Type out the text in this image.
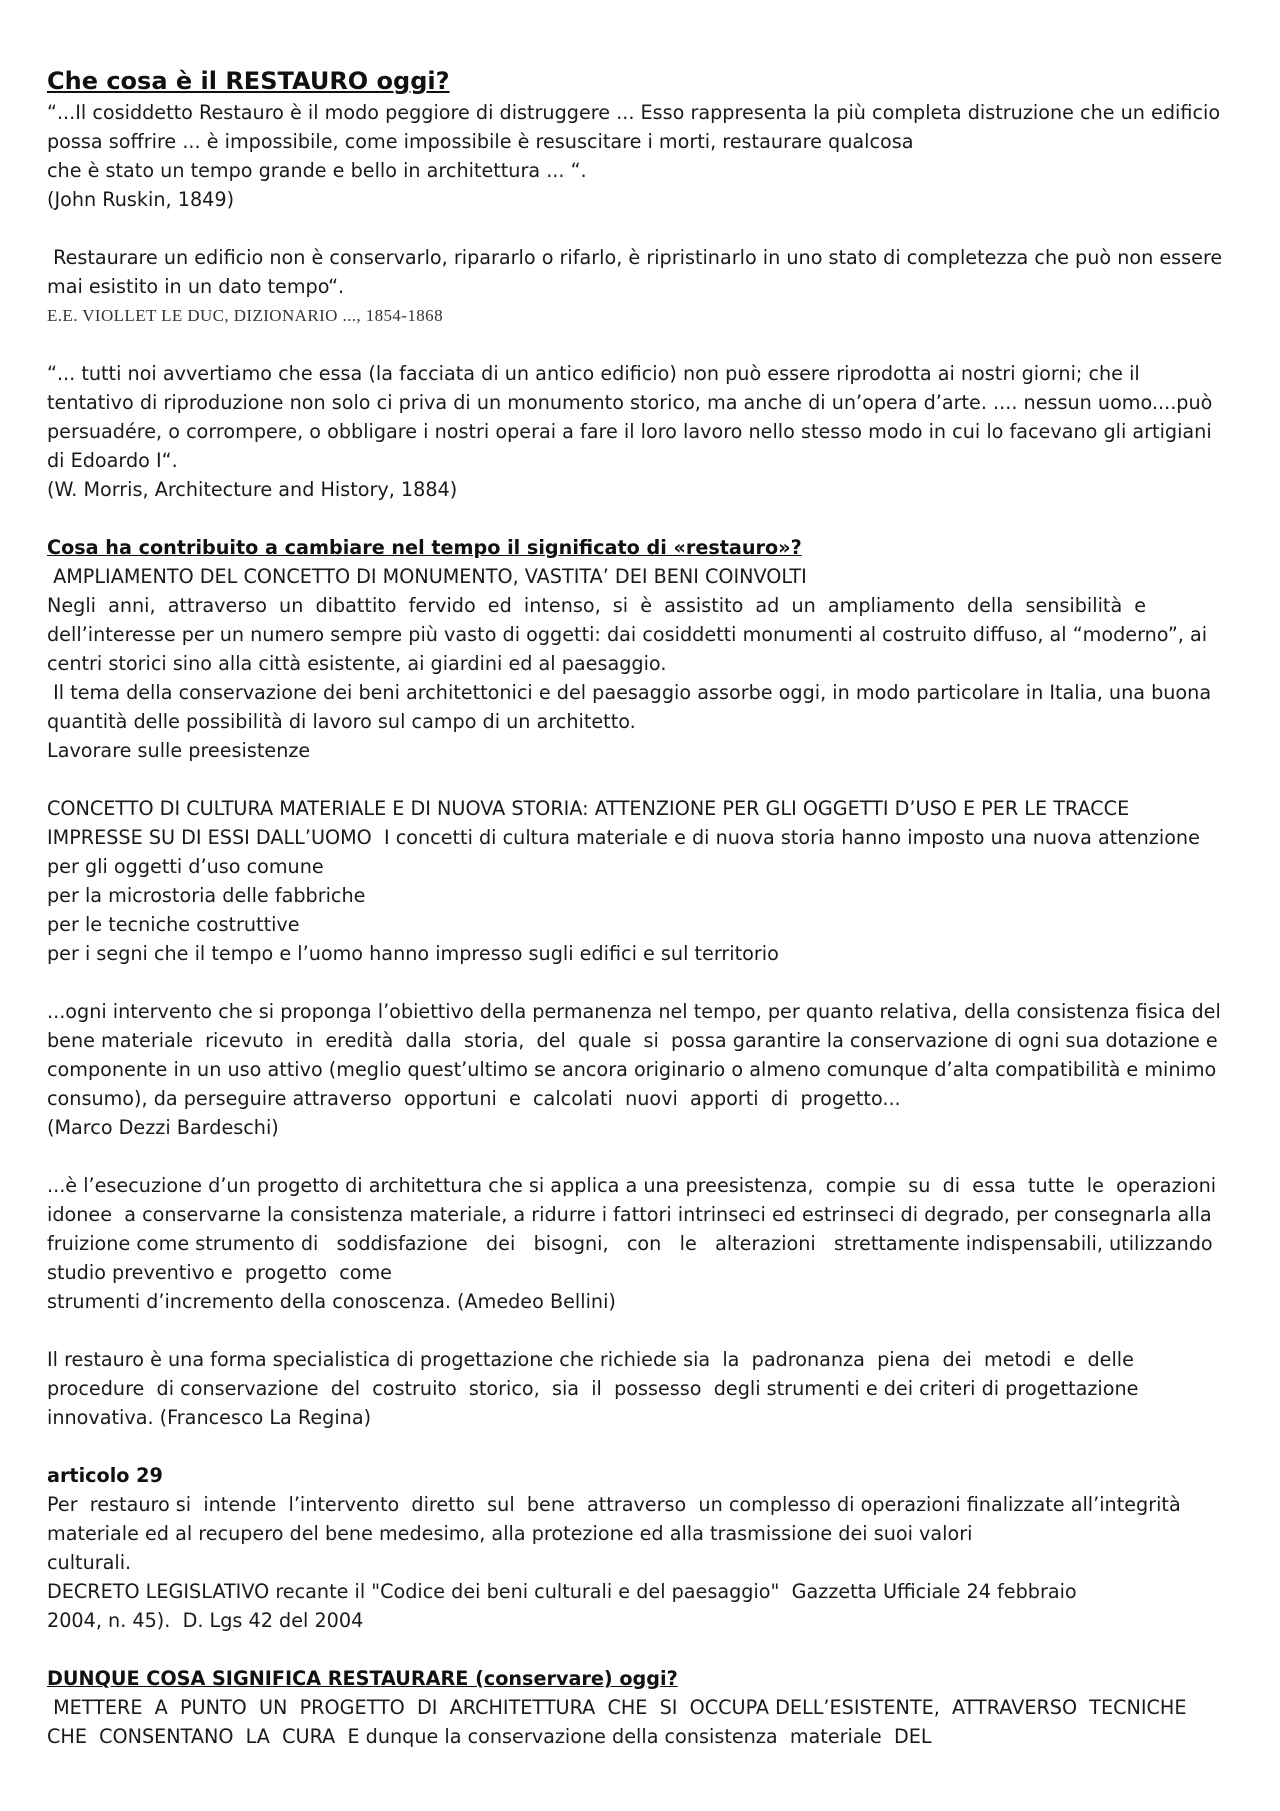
Che cosa è il RESTAURO oggi?
“...Il cosiddetto Restauro è il modo peggiore di distruggere ... Esso rappresenta la più completa distruzione che un edificio
possa soffrire ... è impossibile, come impossibile è resuscitare i morti, restaurare qualcosa
che è stato un tempo grande e bello in architettura ... “.
(John Ruskin, 1849)
Restaurare un edificio non è conservarlo, ripararlo o rifarlo, è ripristinarlo in uno stato di completezza che può non essere
mai esistito in un dato tempo“.
E.E. VIOLLET LE DUC, DIZIONARIO ..., 1854-1868
“... tutti noi avvertiamo che essa (la facciata di un antico edificio) non può essere riprodotta ai nostri giorni; che il
tentativo di riproduzione non solo ci priva di un monumento storico, ma anche di un’opera d’arte. .... nessun uomo....può
persuadére, o corrompere, o obbligare i nostri operai a fare il loro lavoro nello stesso modo in cui lo facevano gli artigiani
di Edoardo I“.
(W. Morris, Architecture and History, 1884)
Cosa ha contribuito a cambiare nel tempo il significato di «restauro»?
AMPLIAMENTO DEL CONCETTO DI MONUMENTO, VASTITA’ DEI BENI COINVOLTI
Negli anni, attraverso un dibattito fervido ed intenso, si è assistito ad un ampliamento della sensibilità e
dell’interesse per un numero sempre più vasto di oggetti: dai cosiddetti monumenti al costruito diffuso, al “moderno”, ai
centri storici sino alla città esistente, ai giardini ed al paesaggio.
Il tema della conservazione dei beni architettonici e del paesaggio assorbe oggi, in modo particolare in Italia, una buona
quantità delle possibilità di lavoro sul campo di un architetto.
Lavorare sulle preesistenze
CONCETTO DI CULTURA MATERIALE E DI NUOVA STORIA: ATTENZIONE PER GLI OGGETTI D’USO E PER LE TRACCE
IMPRESSE SU DI ESSI DALL’UOMO  I concetti di cultura materiale e di nuova storia hanno imposto una nuova attenzione
per gli oggetti d’uso comune
per la microstoria delle fabbriche
per le tecniche costruttive
per i segni che il tempo e l’uomo hanno impresso sugli edifici e sul territorio
...ogni intervento che si proponga l’obiettivo della permanenza nel tempo, per quanto relativa, della consistenza fisica del
bene materiale  ricevuto  in  eredità  dalla  storia,  del  quale  si  possa garantire la conservazione di ogni sua dotazione e
componente in un uso attivo (meglio quest’ultimo se ancora originario o almeno comunque d’alta compatibilità e minimo
consumo), da perseguire attraverso  opportuni  e  calcolati  nuovi  apporti  di  progetto...
(Marco Dezzi Bardeschi)
...è l’esecuzione d’un progetto di architettura che si applica a una preesistenza,  compie  su  di  essa  tutte  le  operazioni
idonee  a conservarne la consistenza materiale, a ridurre i fattori intrinseci ed estrinseci di degrado, per consegnarla alla
fruizione come strumento di   soddisfazione   dei   bisogni,   con   le   alterazioni   strettamente indispensabili, utilizzando
studio preventivo e  progetto  come
strumenti d’incremento della conoscenza. (Amedeo Bellini)
Il restauro è una forma specialistica di progettazione che richiede sia  la  padronanza  piena  dei  metodi  e  delle
procedure  di conservazione  del  costruito  storico,  sia  il  possesso  degli strumenti e dei criteri di progettazione
innovativa. (Francesco La Regina)
articolo 29
Per  restauro si  intende  l’intervento  diretto  sul  bene  attraverso  un complesso di operazioni finalizzate all’integrità
materiale ed al recupero del bene medesimo, alla protezione ed alla trasmissione dei suoi valori
culturali.
DECRETO LEGISLATIVO recante il "Codice dei beni culturali e del paesaggio"  Gazzetta Ufficiale 24 febbraio
2004, n. 45).  D. Lgs 42 del 2004
DUNQUE COSA SIGNIFICA RESTAURARE (conservare) oggi?
METTERE  A  PUNTO  UN  PROGETTO  DI  ARCHITETTURA  CHE  SI  OCCUPA DELL’ESISTENTE,  ATTRAVERSO  TECNICHE
CHE  CONSENTANO  LA  CURA  E dunque la conservazione della consistenza  materiale  DEL
